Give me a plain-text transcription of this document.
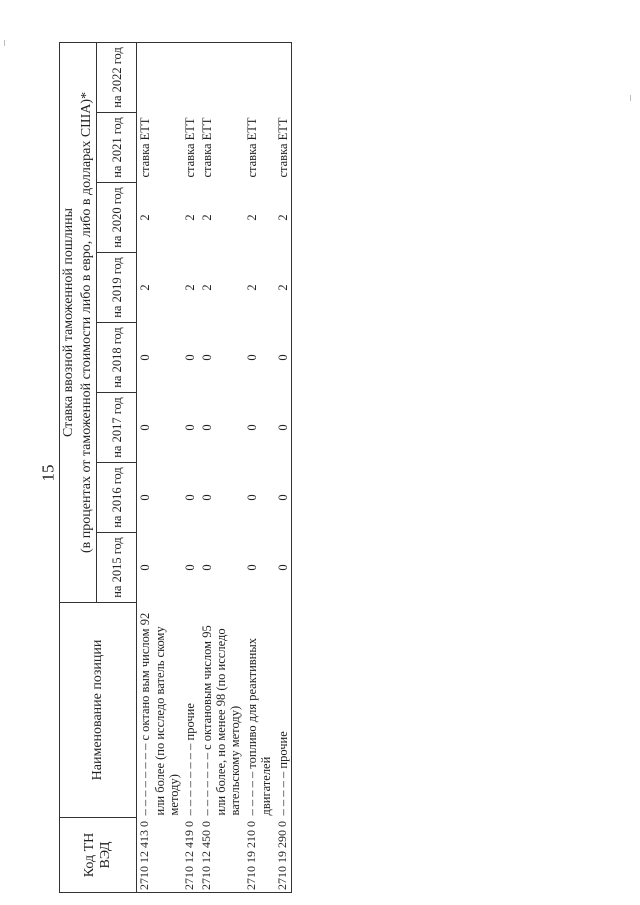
15
Код ТН ВЭД	Наименование позиции	Ставка ввозной таможенной пошлины							
		(в процентах от таможенной стоимости либо в евро, либо в долларах США)*							
		на 2015 год	на 2016 год	на 2017 год	на 2018 год	на 2019 год	на 2020 год	на 2021 год	на 2022 год
2710 12 413 0	– – – – – – – – с октано вым числом 92 или более (по исследо ватель скому методу)	0	0	0	0	2	2	ставка ЕТТ	
2710 12 419 0	– – – – – – – – прочие	0	0	0	0	2	2	ставка ЕТТ	
2710 12 450 0	– – – – – – – с октановым числом 95 или более, но менее 98 (по исследо вательскому методу)	0	0	0	0	2	2	ставка ЕТТ	
2710 19 210 0	– – – – – топливо для реактивных двигателей	0	0	0	0	2	2	ставка ЕТТ	
2710 19 290 0	– – – – – прочие	0	0	0	0	2	2	ставка ЕТТ	
